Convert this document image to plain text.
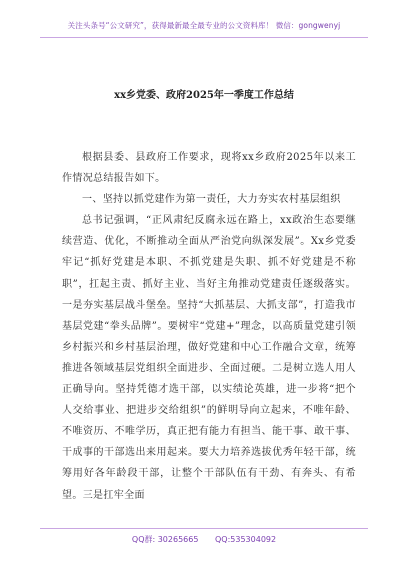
关注头条号“公文研究”，获得最新最全最专业的公文资料库！ 微信：gongwenyj
xx乡党委、政府2025年一季度工作总结

根据县委、县政府工作要求，现将xx乡政府2025年以来工作情况总结报告如下。

一、坚持以抓党建作为第一责任，大力夯实农村基层组织

总书记强调，“正风肃纪反腐永远在路上，xx政治生态要继续营造、优化，不断推动全面从严治党向纵深发展”。Xx乡党委牢记“抓好党建是本职、不抓党建是失职、抓不好党建是不称职”，扛起主责、抓好主业、当好主角推动党建责任逐级落实。一是夯实基层战斗堡垒。坚持“大抓基层、大抓支部”，打造我市基层党建“拳头品牌”。要树牢“党建+”理念，以高质量党建引领乡村振兴和乡村基层治理，做好党建和中心工作融合文章，统筹推进各领域基层党组织全面进步、全面过硬。二是树立选人用人正确导向。坚持凭德才选干部，以实绩论英雄，进一步将“把个人交给事业、把进步交给组织”的鲜明导向立起来，不唯年龄、不唯资历、不唯学历，真正把有能力有担当、能干事、敢干事、干成事的干部选出来用起来。要大力培养选拔优秀年轻干部，统筹用好各年龄段干部，让整个干部队伍有干劲、有奔头、有希望。三是扛牢全面

QQ群: 30265665 QQ:535304092
